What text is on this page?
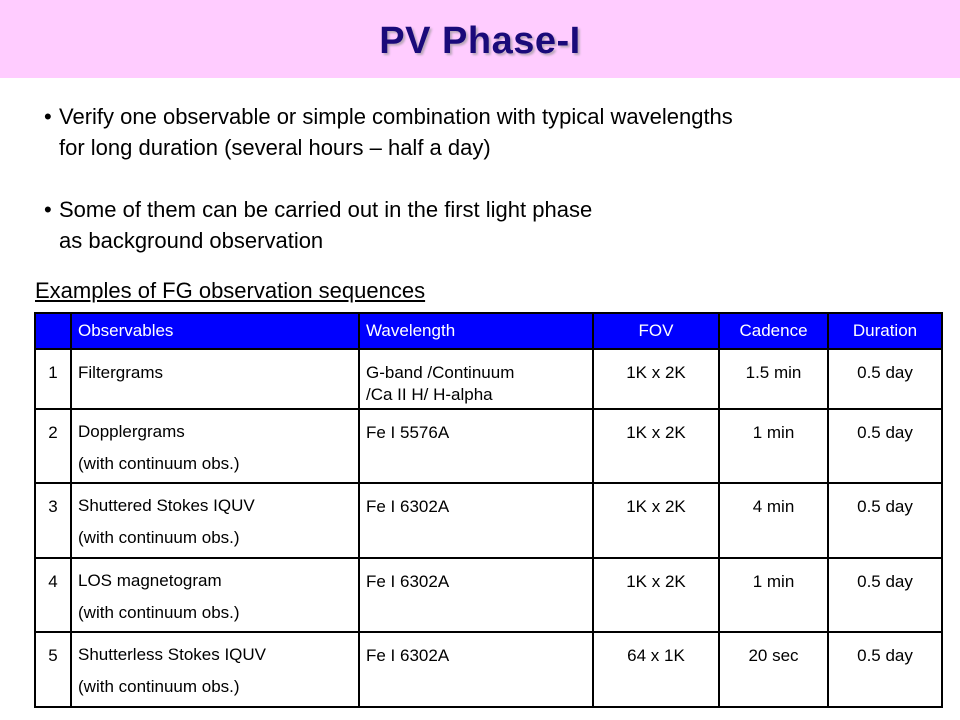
PV Phase-I
• Verify one observable or simple combination with typical wavelengths
for long duration (several hours – half a day)
• Some of them can be carried out in the first light phase
as background observation
Examples of FG observation sequences
	Observables	Wavelength	FOV	Cadence	Duration
1	Filtergrams	G-band /Continuum
/Ca II H/ H-alpha	1K x 2K	1.5 min	0.5 day
2	Dopplergrams
(with continuum obs.)	Fe I 5576A	1K x 2K	1 min	0.5 day
3	Shuttered Stokes IQUV
(with continuum obs.)	Fe I 6302A	1K x 2K	4 min	0.5 day
4	LOS magnetogram
(with continuum obs.)	Fe I 6302A	1K x 2K	1 min	0.5 day
5	Shutterless Stokes IQUV
(with continuum obs.)	Fe I 6302A	64 x 1K	20 sec	0.5 day
